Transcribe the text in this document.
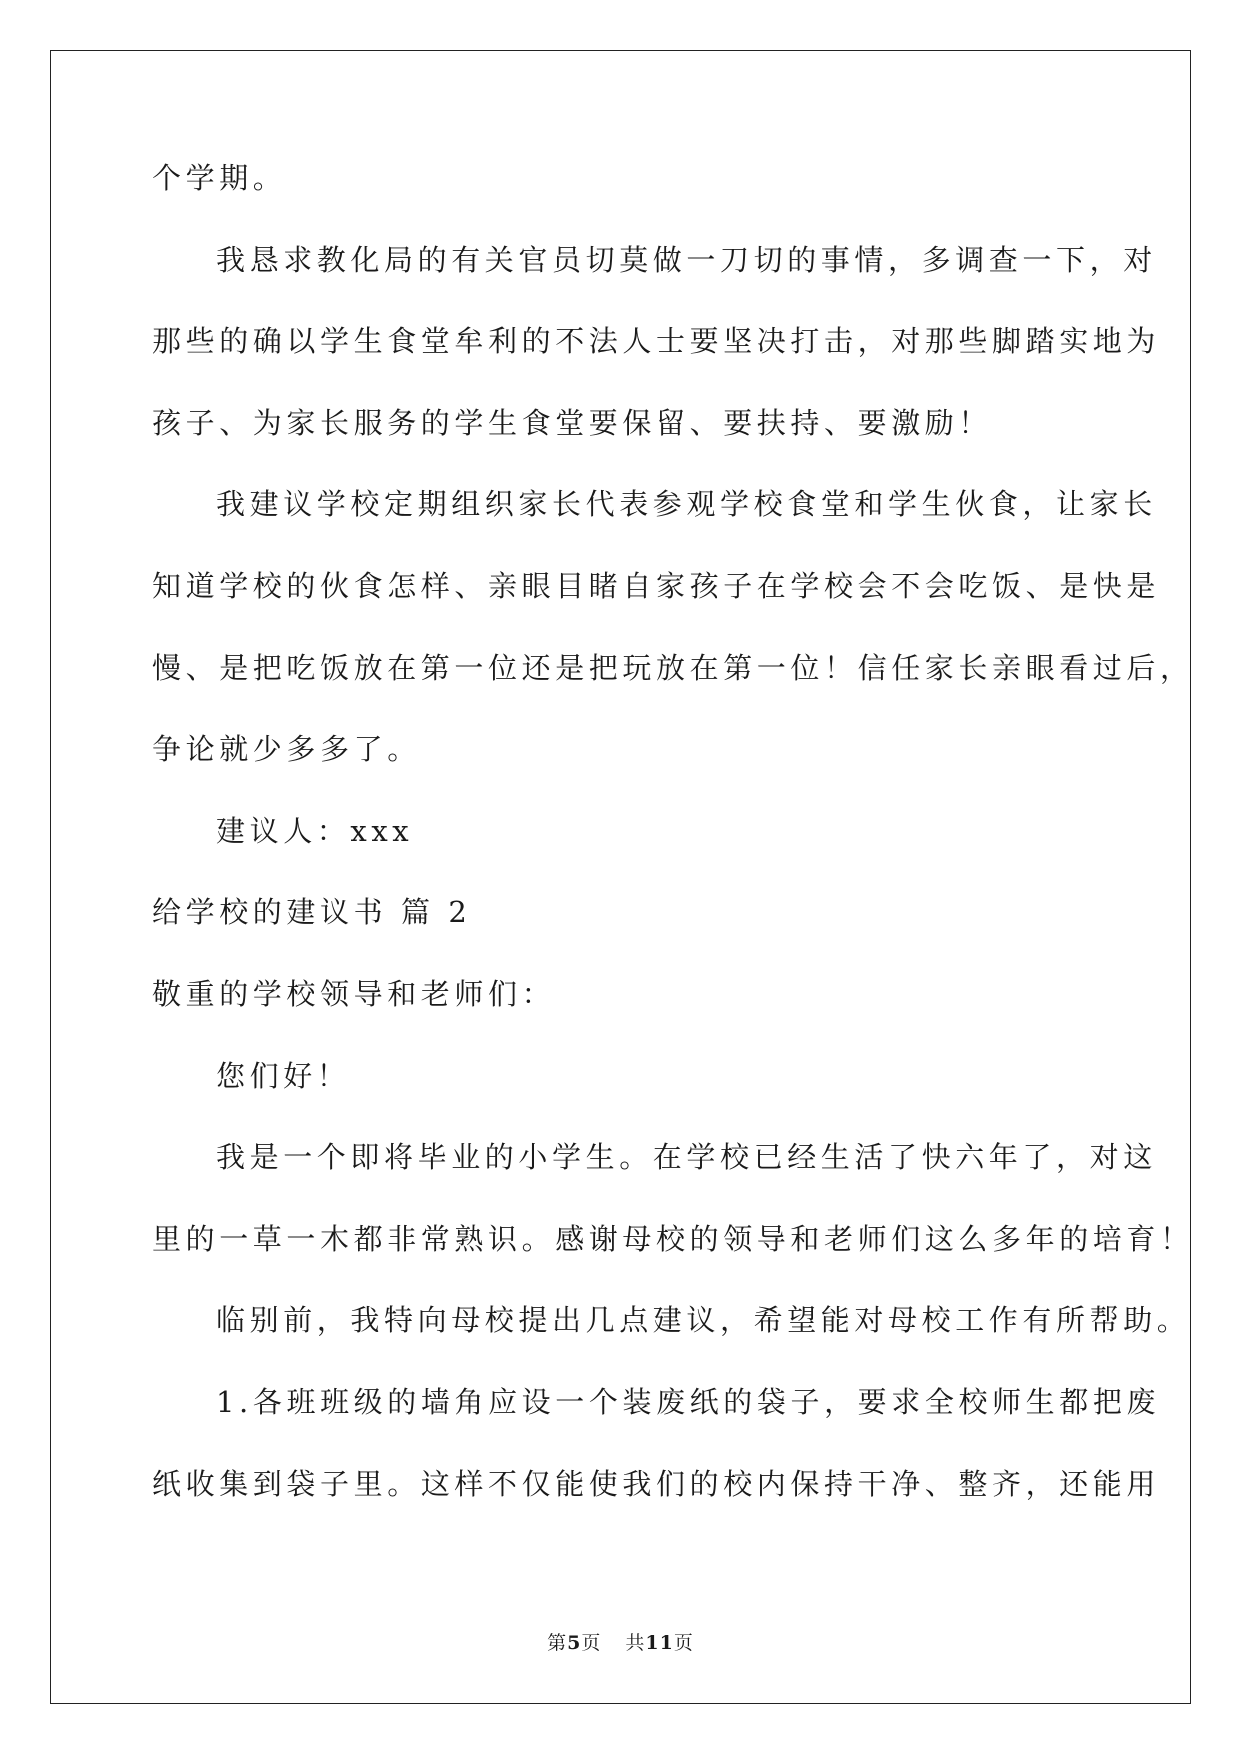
个学期。
我恳求教化局的有关官员切莫做一刀切的事情，多调查一下，对
那些的确以学生食堂牟利的不法人士要坚决打击，对那些脚踏实地为
孩子、为家长服务的学生食堂要保留、要扶持、要激励！
我建议学校定期组织家长代表参观学校食堂和学生伙食，让家长
知道学校的伙食怎样、亲眼目睹自家孩子在学校会不会吃饭、是快是
慢、是把吃饭放在第一位还是把玩放在第一位！信任家长亲眼看过后，
争论就少多多了。
建议人：xxx
给学校的建议书 篇 2
敬重的学校领导和老师们：
您们好！
我是一个即将毕业的小学生。在学校已经生活了快六年了，对这
里的一草一木都非常熟识。感谢母校的领导和老师们这么多年的培育！
临别前，我特向母校提出几点建议，希望能对母校工作有所帮助。
1.各班班级的墙角应设一个装废纸的袋子，要求全校师生都把废
纸收集到袋子里。这样不仅能使我们的校内保持干净、整齐，还能用
第5页 共11页
